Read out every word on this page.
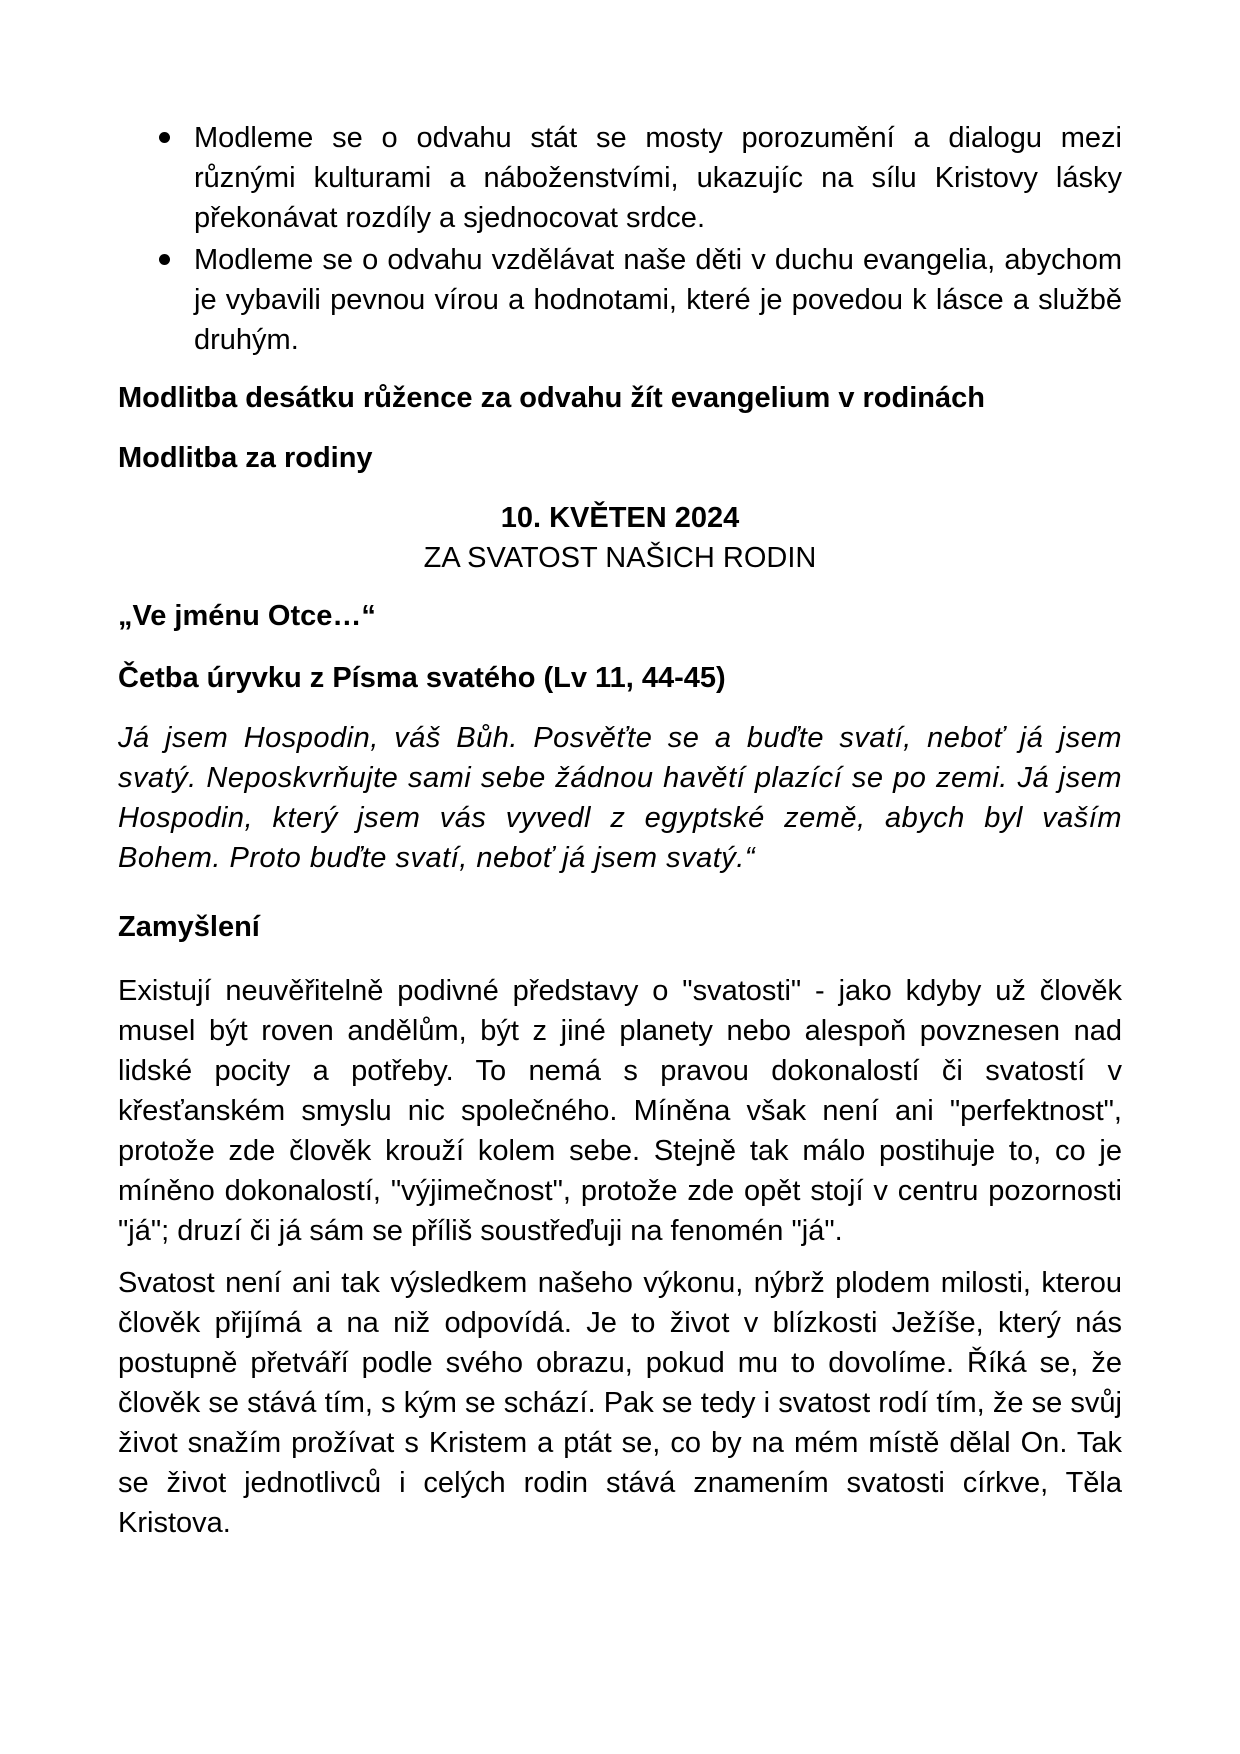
Modleme se o odvahu stát se mosty porozumění a dialogu mezi různými kulturami a náboženstvími, ukazujíc na sílu Kristovy lásky překonávat rozdíly a sjednocovat srdce.
Modleme se o odvahu vzdělávat naše děti v duchu evangelia, abychom je vybavili pevnou vírou a hodnotami, které je povedou k lásce a službě druhým.

Modlitba desátku růžence za odvahu žít evangelium v rodinách

Modlitba za rodiny

10. KVĚTEN 2024
ZA SVATOST NAŠICH RODIN

„Ve jménu Otce…“

Četba úryvku z Písma svatého (Lv 11, 44-45)

Já jsem Hospodin, váš Bůh. Posvěťte se a buďte svatí, neboť já jsem svatý. Neposkvrňujte sami sebe žádnou havětí plazící se po zemi. Já jsem Hospodin, který jsem vás vyvedl z egyptské země, abych byl vaším Bohem. Proto buďte svatí, neboť já jsem svatý.“

Zamyšlení

Existují neuvěřitelně podivné představy o "svatosti" - jako kdyby už člověk musel být roven andělům, být z jiné planety nebo alespoň povznesen nad lidské pocity a potřeby. To nemá s pravou dokonalostí či svatostí v křesťanském smyslu nic společného. Míněna však není ani "perfektnost", protože zde člověk krouží kolem sebe. Stejně tak málo postihuje to, co je míněno dokonalostí, "výjimečnost", protože zde opět stojí v centru pozornosti "já"; druzí či já sám se příliš soustřeďuji na fenomén "já".

Svatost není ani tak výsledkem našeho výkonu, nýbrž plodem milosti, kterou člověk přijímá a na niž odpovídá. Je to život v blízkosti Ježíše, který nás postupně přetváří podle svého obrazu, pokud mu to dovolíme. Říká se, že člověk se stává tím, s kým se schází. Pak se tedy i svatost rodí tím, že se svůj život snažím prožívat s Kristem a ptát se, co by na mém místě dělal On. Tak se život jednotlivců i celých rodin stává znamením svatosti církve, Těla Kristova.
